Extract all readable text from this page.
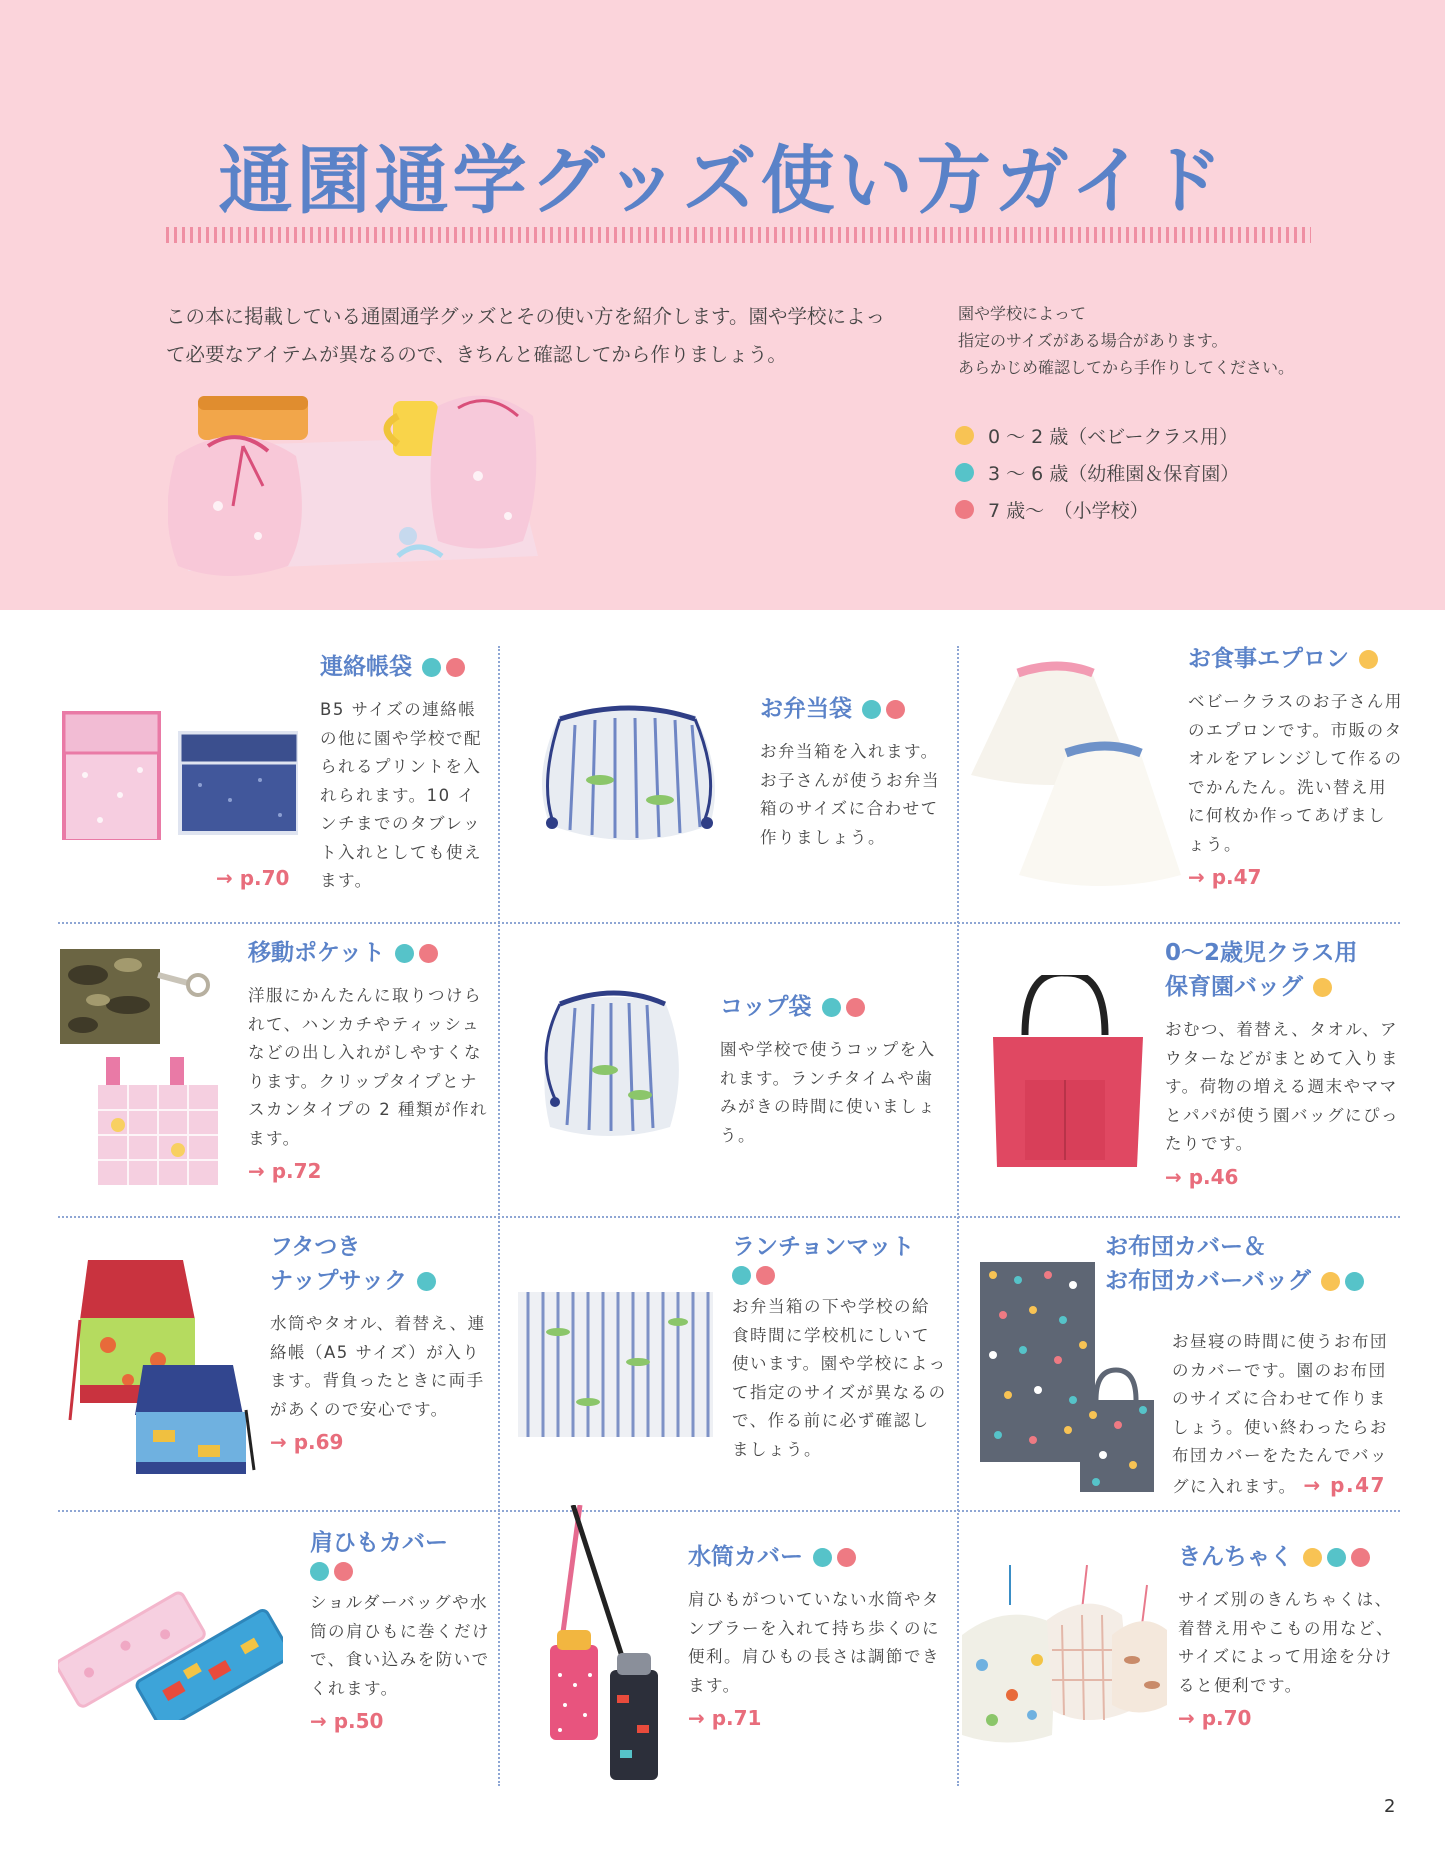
通園通学グッズ使い方ガイド
この本に掲載している通園通学グッズとその使い方を紹介します。園や学校によって必要なアイテムが異なるので、きちんと確認してから作りましょう。
園や学校によって
指定のサイズがある場合があります。
あらかじめ確認してから手作りしてください。
0 ～ 2 歳（ベビークラス用）
3 ～ 6 歳（幼稚園＆保育園）
7 歳～　（小学校）
連絡帳袋
B5 サイズの連絡帳の他に園や学校で配られるプリントを入れられます。10 インチまでのタブレット入れとしても使えます。
→ p.70
お弁当袋
お弁当箱を入れます。お子さんが使うお弁当箱のサイズに合わせて作りましょう。
お食事エプロン
ベビークラスのお子さん用のエプロンです。市販のタオルをアレンジして作るのでかんたん。洗い替え用に何枚か作ってあげましょう。
→ p.47
移動ポケット
洋服にかんたんに取りつけられて、ハンカチやティッシュなどの出し入れがしやすくなります。クリップタイプとナスカンタイプの 2 種類が作れます。
→ p.72
コップ袋
園や学校で使うコップを入れます。ランチタイムや歯みがきの時間に使いましょう。
0～2歳児クラス用
保育園バッグ
おむつ、着替え、タオル、アウターなどがまとめて入ります。荷物の増える週末やママとパパが使う園バッグにぴったりです。
→ p.46
フタつき
ナップサック
水筒やタオル、着替え、連絡帳（A5 サイズ）が入ります。背負ったときに両手があくので安心です。
→ p.69
ランチョンマット
お弁当箱の下や学校の給食時間に学校机にしいて使います。園や学校によって指定のサイズが異なるので、作る前に必ず確認しましょう。
お布団カバー＆
お布団カバーバッグ
お昼寝の時間に使うお布団のカバーです。園のお布団のサイズに合わせて作りましょう。使い終わったらお布団カバーをたたんでバッグに入れます。 → p.47
肩ひもカバー
ショルダーバッグや水筒の肩ひもに巻くだけで、食い込みを防いでくれます。
→ p.50
水筒カバー
肩ひもがついていない水筒やタンブラーを入れて持ち歩くのに便利。肩ひもの長さは調節できます。
→ p.71
きんちゃく
サイズ別のきんちゃくは、着替え用やこもの用など、サイズによって用途を分けると便利です。
→ p.70
2
